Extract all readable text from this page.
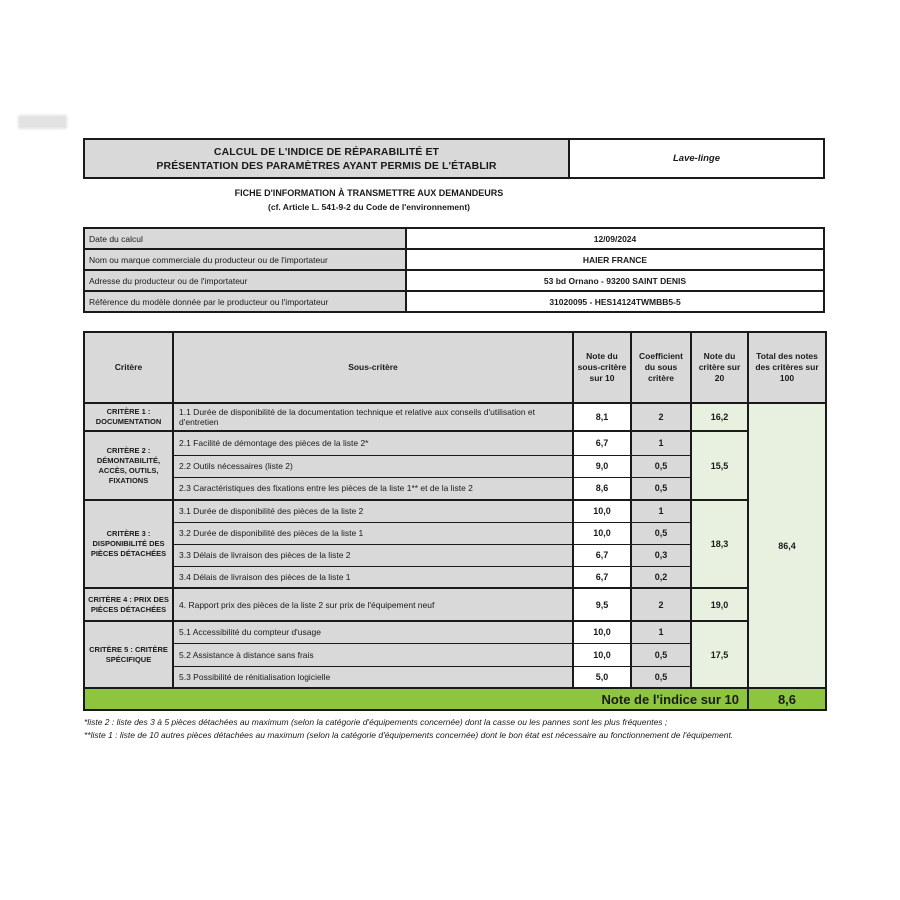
CALCUL DE L'INDICE DE RÉPARABILITÉ ET
PRÉSENTATION DES PARAMÈTRES AYANT PERMIS DE L'ÉTABLIR
Lave-linge
FICHE D'INFORMATION À TRANSMETTRE AUX DEMANDEURS
(cf. Article L. 541-9-2 du Code de l'environnement)
Date du calcul	12/09/2024
Nom ou marque commerciale du producteur ou de l'importateur	HAIER FRANCE
Adresse du producteur ou de l'importateur	53 bd Ornano - 93200 SAINT DENIS
Référence du modèle donnée par le producteur ou l'importateur	31020095 - HES14124TWMBB5-5
Critère	Sous-critère	Note du sous-critère sur 10	Coefficient du sous critère	Note du critère sur 20	Total des notes des critères sur 100
CRITÈRE 1 : DOCUMENTATION	1.1 Durée de disponibilité de la documentation technique et relative aux conseils d'utilisation et d'entretien	8,1	2	16,2	86,4
CRITÈRE 2 : DÉMONTABILITÉ, ACCÈS, OUTILS, FIXATIONS	2.1 Facilité de démontage des pièces de la liste 2*	6,7	1	15,5	
	2.2 Outils nécessaires (liste 2)	9,0	0,5		
	2.3 Caractéristiques des fixations entre les pièces de la liste 1** et de la liste 2	8,6	0,5		
CRITÈRE 3 : DISPONIBILITÉ DES PIÈCES DÉTACHÉES	3.1 Durée de disponibilité des pièces de la liste 2	10,0	1	18,3	
	3.2 Durée de disponibilité des pièces de la liste 1	10,0	0,5		
	3.3 Délais de livraison des pièces de la liste 2	6,7	0,3		
	3.4 Délais de livraison des pièces de la liste 1	6,7	0,2		
CRITÈRE 4 : PRIX DES PIÈCES DÉTACHÉES	4. Rapport prix des pièces de la liste 2 sur prix de l'équipement neuf	9,5	2	19,0	
CRITÈRE 5 : CRITÈRE SPÉCIFIQUE	5.1 Accessibilité du compteur d'usage	10,0	1	17,5	
	5.2 Assistance à distance sans frais	10,0	0,5		
	5.3 Possibilité de rénitialisation logicielle	5,0	0,5		
Note de l'indice sur 10					8,6
*liste 2 : liste des 3 à 5 pièces détachées au maximum (selon la catégorie d'équipements concernée) dont la casse ou les pannes sont les plus fréquentes ;
**liste 1 : liste de 10 autres pièces détachées au maximum (selon la catégorie d'équipements concernée) dont le bon état est nécessaire au fonctionnement de l'équipement.
